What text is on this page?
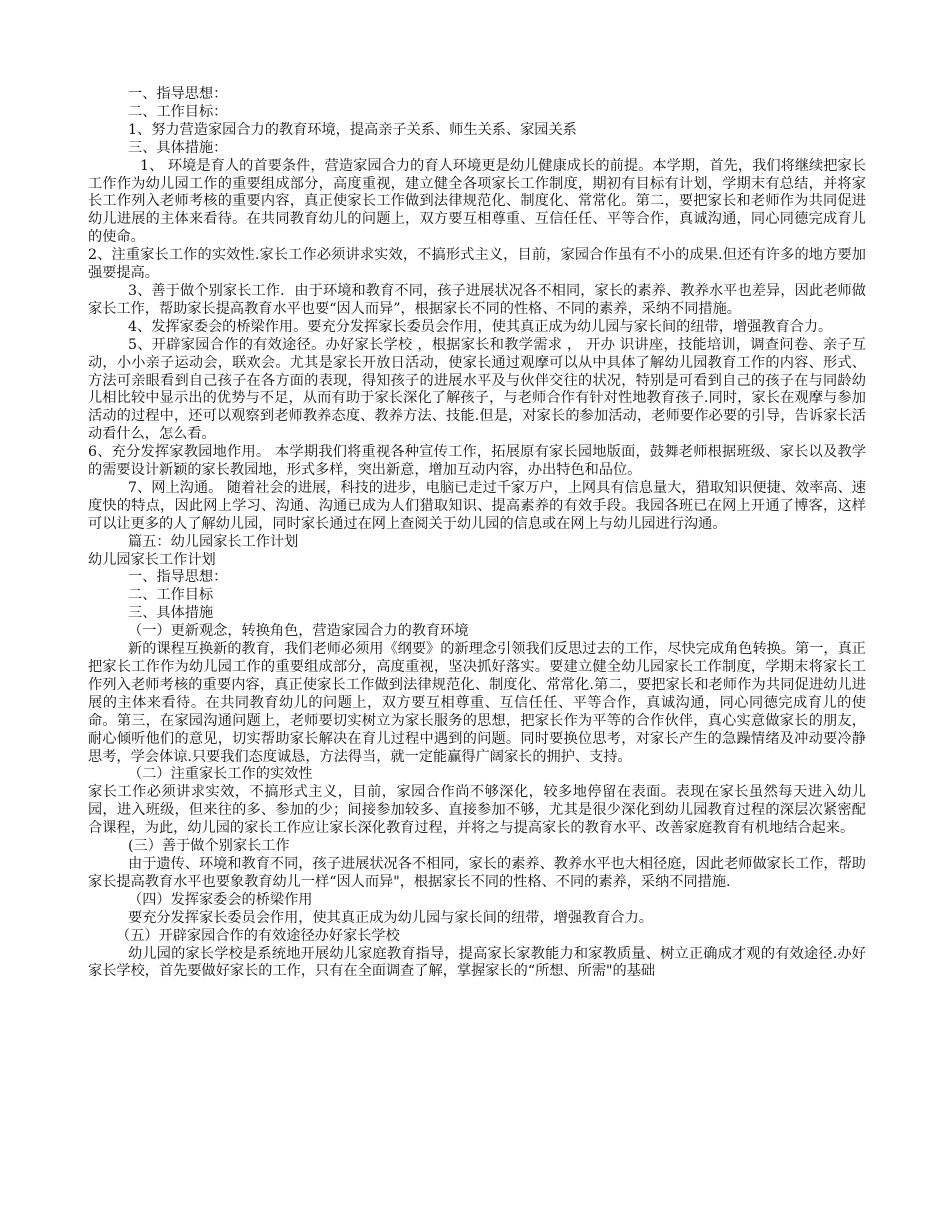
一、指导思想：

二、工作目标：

1、努力营造家园合力的教育环境，提高亲子关系、师生关系、家园关系

三、具体措施：

1、 环境是育人的首要条件，营造家园合力的育人环境更是幼儿健康成长的前提。本学期，首先，我们将继续把家长工作作为幼儿园工作的重要组成部分，高度重视，建立健全各项家长工作制度，期初有目标有计划，学期末有总结，并将家长工作列入老师考核的重要内容，真正使家长工作做到法律规范化、制度化、常常化。第二，要把家长和老师作为共同促进幼儿进展的主体来看待。在共同教育幼儿的问题上，双方要互相尊重、互信任任、平等合作，真诚沟通，同心同德完成育儿的使命。

2、注重家长工作的实效性.家长工作必须讲求实效，不搞形式主义，目前，家园合作虽有不小的成果.但还有许多的地方要加强要提高。

3、善于做个别家长工作．由于环境和教育不同，孩子进展状况各不相同，家长的素养、教养水平也差异，因此老师做家长工作，帮助家长提高教育水平也要“因人而异”，根据家长不同的性格、不同的素养，采纳不同措施。

4、发挥家委会的桥梁作用。要充分发挥家长委员会作用，使其真正成为幼儿园与家长间的纽带，增强教育合力。

5、开辟家园合作的有效途径。办好家长学校 ，根据家长和教学需求 ， 开办 识讲座，技能培训，调查问卷、亲子互动，小小亲子运动会，联欢会。尤其是家长开放日活动，使家长通过观摩可以从中具体了解幼儿园教育工作的内容、形式、方法可亲眼看到自己孩子在各方面的表现，得知孩子的进展水平及与伙伴交往的状况，特别是可看到自己的孩子在与同龄幼儿相比较中显示出的优势与不足，从而有助于家长深化了解孩子，与老师合作有针对性地教育孩子.同时，家长在观摩与参加活动的过程中，还可以观察到老师教养态度、教养方法、技能.但是，对家长的参加活动，老师要作必要的引导，告诉家长活动看什么，怎么看。

6、充分发挥家教园地作用。 本学期我们将重视各种宣传工作，拓展原有家长园地版面，鼓舞老师根据班级、家长以及教学的需要设计新颖的家长教园地，形式多样，突出新意，增加互动内容，办出特色和品位。

7、网上沟通。 随着社会的进展，科技的进步，电脑已走过千家万户，上网具有信息量大，猎取知识便捷、效率高、速度快的特点，因此网上学习、沟通、沟通已成为人们猎取知识、提高素养的有效手段。我园各班已在网上开通了博客，这样可以让更多的人了解幼儿园，同时家长通过在网上查阅关于幼儿园的信息或在网上与幼儿园进行沟通。

篇五：幼儿园家长工作计划

幼儿园家长工作计划

一、指导思想：

二、工作目标

三、具体措施

（一）更新观念，转换角色，营造家园合力的教育环境

新的课程互换新的教育，我们老师必须用《纲要》的新理念引领我们反思过去的工作，尽快完成角色转换。第一，真正把家长工作作为幼儿园工作的重要组成部分，高度重视，坚决抓好落实。要建立健全幼儿园家长工作制度，学期末将家长工作列入老师考核的重要内容，真正使家长工作做到法律规范化、制度化、常常化.第二，要把家长和老师作为共同促进幼儿进展的主体来看待。在共同教育幼儿的问题上，双方要互相尊重、互信任任、平等合作，真诚沟通，同心同德完成育儿的使命。第三，在家园沟通问题上，老师要切实树立为家长服务的思想，把家长作为平等的合作伙伴，真心实意做家长的朋友，耐心倾听他们的意见，切实帮助家长解决在育儿过程中遇到的问题。同时要换位思考，对家长产生的急躁情绪及冲动要冷静思考，学会体谅.只要我们态度诚恳，方法得当，就一定能赢得广阔家长的拥护、支持。

（二）注重家长工作的实效性

家长工作必须讲求实效，不搞形式主义，目前，家园合作尚不够深化，较多地停留在表面。表现在家长虽然每天进入幼儿园，进入班级，但来往的多、参加的少；间接参加较多、直接参加不够，尤其是很少深化到幼儿园教育过程的深层次紧密配合课程，为此，幼儿园的家长工作应让家长深化教育过程，并将之与提高家长的教育水平、改善家庭教育有机地结合起来。

(三）善于做个别家长工作

由于遗传、环境和教育不同，孩子进展状况各不相同，家长的素养、教养水平也大相径庭，因此老师做家长工作，帮助家长提高教育水平也要象教育幼儿一样“因人而异"，根据家长不同的性格、不同的素养，采纳不同措施.

（四）发挥家委会的桥梁作用

要充分发挥家长委员会作用，使其真正成为幼儿园与家长间的纽带，增强教育合力。

（五）开辟家园合作的有效途径办好家长学校

幼儿园的家长学校是系统地开展幼儿家庭教育指导，提高家长家教能力和家教质量、树立正确成才观的有效途径.办好家长学校，首先要做好家长的工作，只有在全面调查了解，掌握家长的“所想、所需"的基础
